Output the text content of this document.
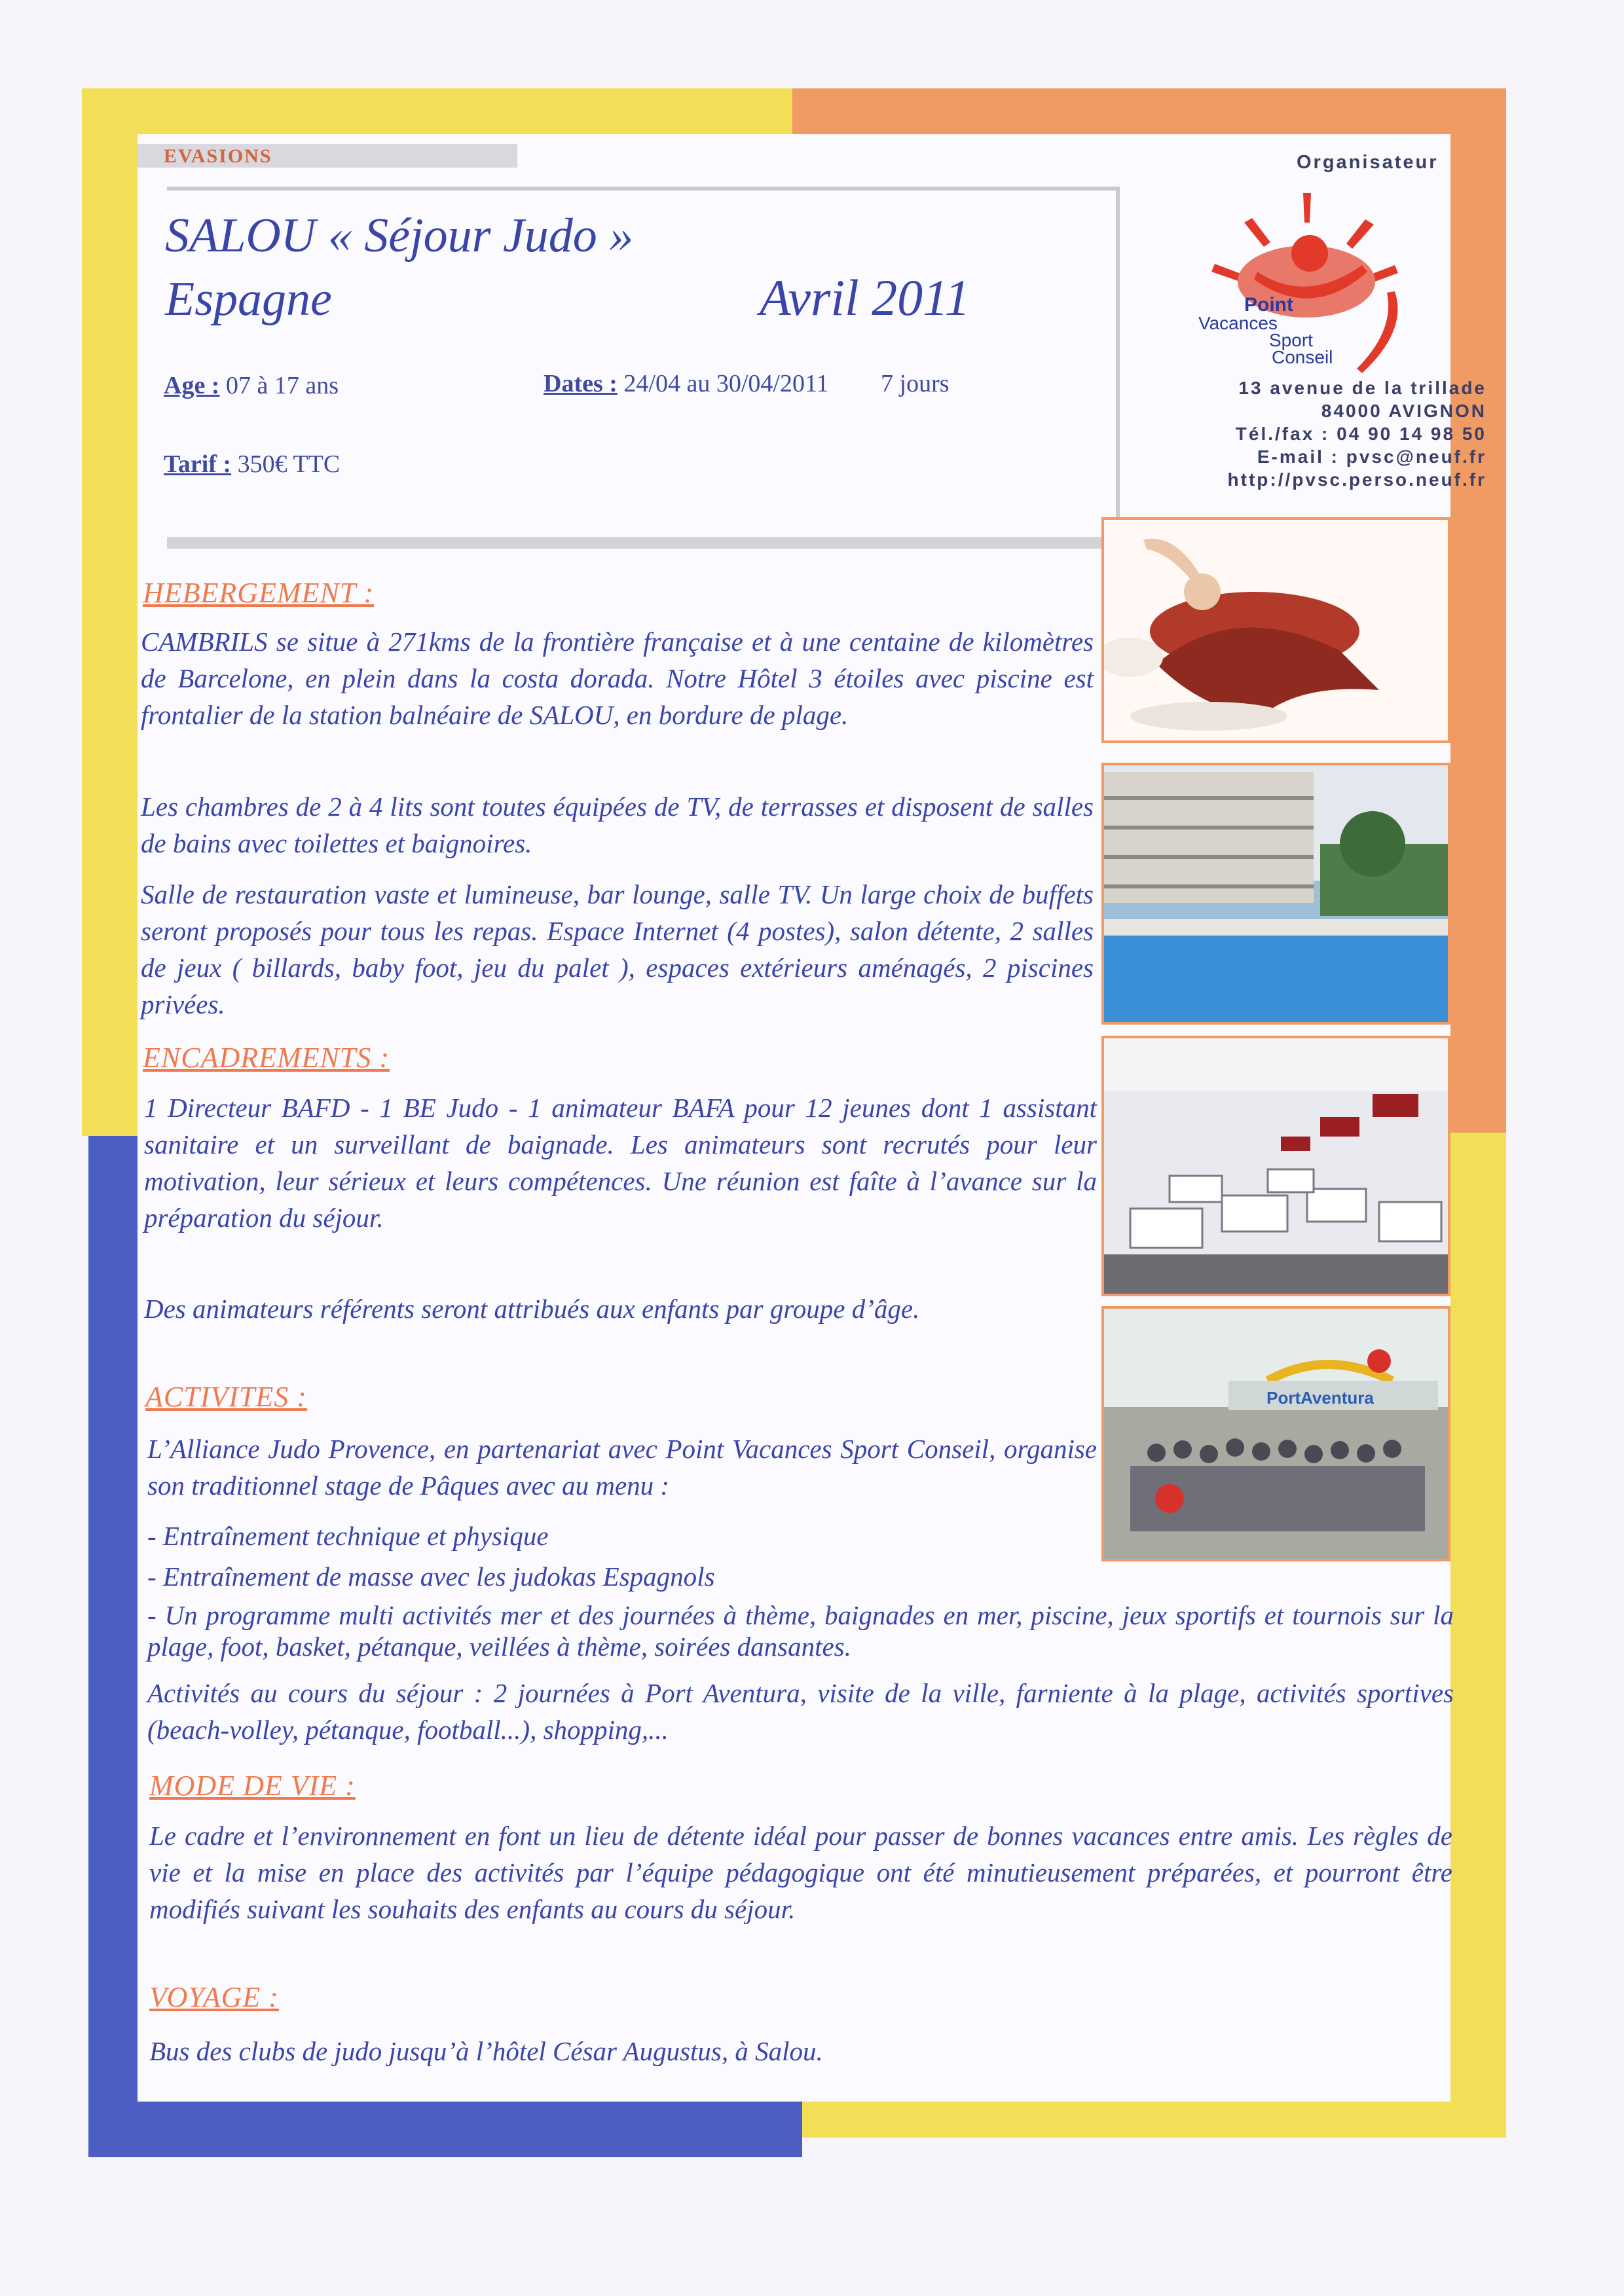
EVASIONS
SALOU « Séjour Judo »
Espagne	Avril 2011
Age : 07 à 17 ans	Dates : 24/04 au 30/04/2011 7 jours
Tarif : 350€ TTC
Organisateur
Point
Vacances
Sport
Conseil
13 avenue de la trillade
84000 AVIGNON
Tél./fax : 04 90 14 98 50
E-mail : pvsc@neuf.fr
http://pvsc.perso.neuf.fr
PortAventura
HEBERGEMENT :
CAMBRILS se situe à 271kms de la frontière française et à une centaine de kilomètres de Barcelone, en plein dans la costa dorada. Notre Hôtel 3 étoiles avec piscine est frontalier de la station balnéaire de SALOU, en bordure de plage.
Les chambres de 2 à 4 lits sont toutes équipées de TV, de terrasses et disposent de salles de bains avec toilettes et baignoires.
Salle de restauration vaste et lumineuse, bar lounge, salle TV. Un large choix de buffets seront proposés pour tous les repas. Espace Internet (4 postes), salon détente, 2 salles de jeux ( billards, baby foot, jeu du palet ), espaces extérieurs aménagés, 2 piscines privées.
ENCADREMENTS :
1 Directeur BAFD - 1 BE Judo - 1 animateur BAFA pour 12 jeunes dont 1 assistant sanitaire et un surveillant de baignade. Les animateurs sont recrutés pour leur motivation, leur sérieux et leurs compétences. Une réunion est faîte à l’avance sur la préparation du séjour.
Des animateurs référents seront attribués aux enfants par groupe d’âge.
ACTIVITES :
L’Alliance Judo Provence, en partenariat avec Point Vacances Sport Conseil, organise son traditionnel stage de Pâques avec au menu :
- Entraînement technique et physique
- Entraînement de masse avec les judokas Espagnols
- Un programme multi activités mer et des journées à thème, baignades en mer, piscine, jeux sportifs et tournois sur la plage, foot, basket, pétanque, veillées à thème, soirées dansantes.
Activités au cours du séjour : 2 journées à Port Aventura, visite de la ville, farniente à la plage, activités sportives (beach-volley, pétanque, football...), shopping,...
MODE DE VIE :
Le cadre et l’environnement en font un lieu de détente idéal pour passer de bonnes vacances entre amis. Les règles de vie et la mise en place des activités par l’équipe pédagogique ont été minutieusement préparées, et pourront être modifiés suivant les souhaits des enfants au cours du séjour.
VOYAGE :
Bus des clubs de judo jusqu’à l’hôtel César Augustus, à Salou.
